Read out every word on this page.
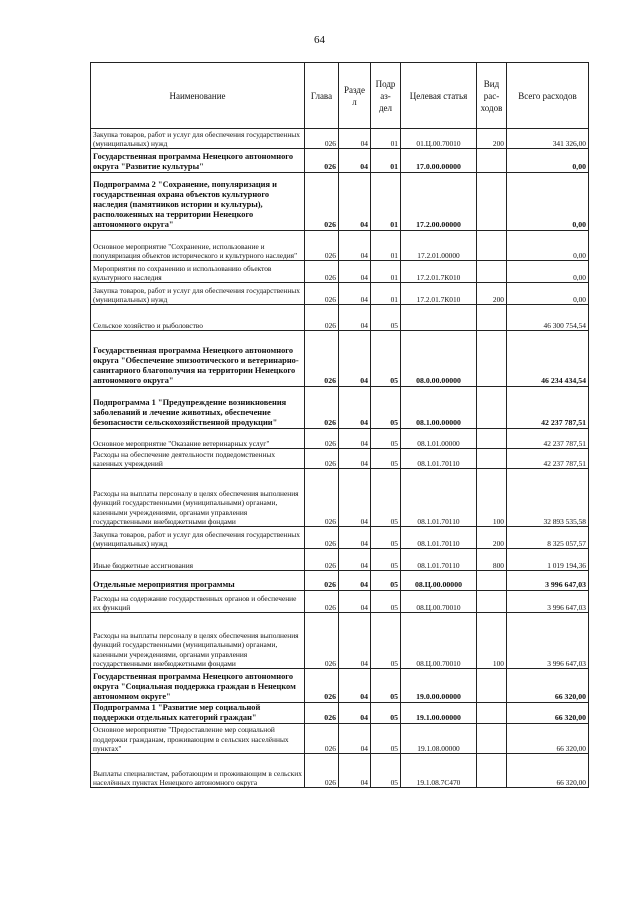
64
Наименование	Глава	Разде л	Подр аз- дел	Целевая статья	Вид рас- ходов	Всего расходов
Закупка товаров, работ и услуг для обеспечения государственных (муниципальных) нужд	026	04	01	01.Ц.00.70010	200	341 326,00
Государственная программа Ненецкого автономного округа "Развитие культуры"	026	04	01	17.0.00.00000		0,00
Подпрограмма 2 "Сохранение, популяризация и государственная охрана объектов культурного наследия (памятников истории и культуры), расположенных на территории Ненецкого автономного округа"	026	04	01	17.2.00.00000		0,00
Основное мероприятие "Сохранение, использование и популяризация объектов исторического и культурного наследия"	026	04	01	17.2.01.00000		0,00
Мероприятия по сохранению и использованию объектов культурного наследия	026	04	01	17.2.01.7К010		0,00
Закупка товаров, работ и услуг для обеспечения государственных (муниципальных) нужд	026	04	01	17.2.01.7К010	200	0,00
Сельское хозяйство и рыболовство	026	04	05			46 300 754,54
Государственная программа Ненецкого автономного округа "Обеспечение эпизоотического и ветеринарно-санитарного благополучия на территории Ненецкого автономного округа"	026	04	05	08.0.00.00000		46 234 434,54
Подпрограмма 1 "Предупреждение возникновения заболеваний и лечение животных, обеспечение безопасности сельскохозяйственной продукции"	026	04	05	08.1.00.00000		42 237 787,51
Основное мероприятие "Оказание ветеринарных услуг"	026	04	05	08.1.01.00000		42 237 787,51
Расходы на обеспечение деятельности подведомственных казенных учреждений	026	04	05	08.1.01.70110		42 237 787,51
Расходы на выплаты персоналу в целях обеспечения выполнения функций государственными (муниципальными) органами, казенными учреждениями, органами управления государственными внебюджетными фондами	026	04	05	08.1.01.70110	100	32 893 535,58
Закупка товаров, работ и услуг для обеспечения государственных (муниципальных) нужд	026	04	05	08.1.01.70110	200	8 325 057,57
Иные бюджетные ассигнования	026	04	05	08.1.01.70110	800	1 019 194,36
Отдельные мероприятия программы	026	04	05	08.Ц.00.00000		3 996 647,03
Расходы на содержание государственных органов и обеспечение их функций	026	04	05	08.Ц.00.70010		3 996 647,03
Расходы на выплаты персоналу в целях обеспечения выполнения функций государственными (муниципальными) органами, казенными учреждениями, органами управления государственными внебюджетными фондами	026	04	05	08.Ц.00.70010	100	3 996 647,03
Государственная программа Ненецкого автономного округа "Социальная поддержка граждан в Ненецком автономном округе"	026	04	05	19.0.00.00000		66 320,00
Подпрограмма 1 "Развитие мер социальной поддержки отдельных категорий граждан"	026	04	05	19.1.00.00000		66 320,00
Основное мероприятие "Предоставление мер социальной поддержки гражданам, проживающим в сельских населённых пунктах"	026	04	05	19.1.08.00000		66 320,00
Выплаты специалистам, работающим и проживающим в сельских населённых пунктах Ненецкого автономного округа	026	04	05	19.1.08.7С470		66 320,00
